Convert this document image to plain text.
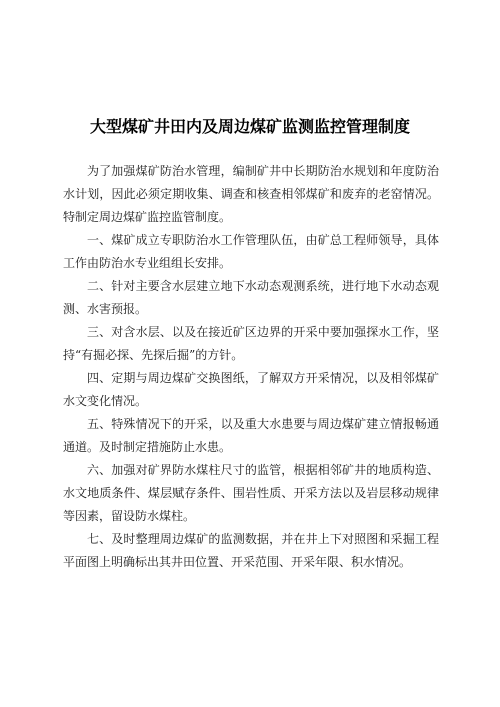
大型煤矿井田内及周边煤矿监测监控管理制度

为了加强煤矿防治水管理，编制矿井中长期防治水规划和年度防治水计划，因此必须定期收集、调查和核查相邻煤矿和废弃的老窑情况。特制定周边煤矿监控监管制度。

一、煤矿成立专职防治水工作管理队伍，由矿总工程师领导，具体工作由防治水专业组组长安排。

二、针对主要含水层建立地下水动态观测系统，进行地下水动态观测、水害预报。

三、对含水层、以及在接近矿区边界的开采中要加强探水工作，坚持“有掘必探、先探后掘”的方针。

四、定期与周边煤矿交换图纸，了解双方开采情况，以及相邻煤矿水文变化情况。

五、特殊情况下的开采，以及重大水患要与周边煤矿建立情报畅通通道。及时制定措施防止水患。

六、加强对矿界防水煤柱尺寸的监管，根据相邻矿井的地质构造、水文地质条件、煤层赋存条件、围岩性质、开采方法以及岩层移动规律等因素，留设防水煤柱。

七、及时整理周边煤矿的监测数据，并在井上下对照图和采掘工程平面图上明确标出其井田位置、开采范围、开采年限、积水情况。
